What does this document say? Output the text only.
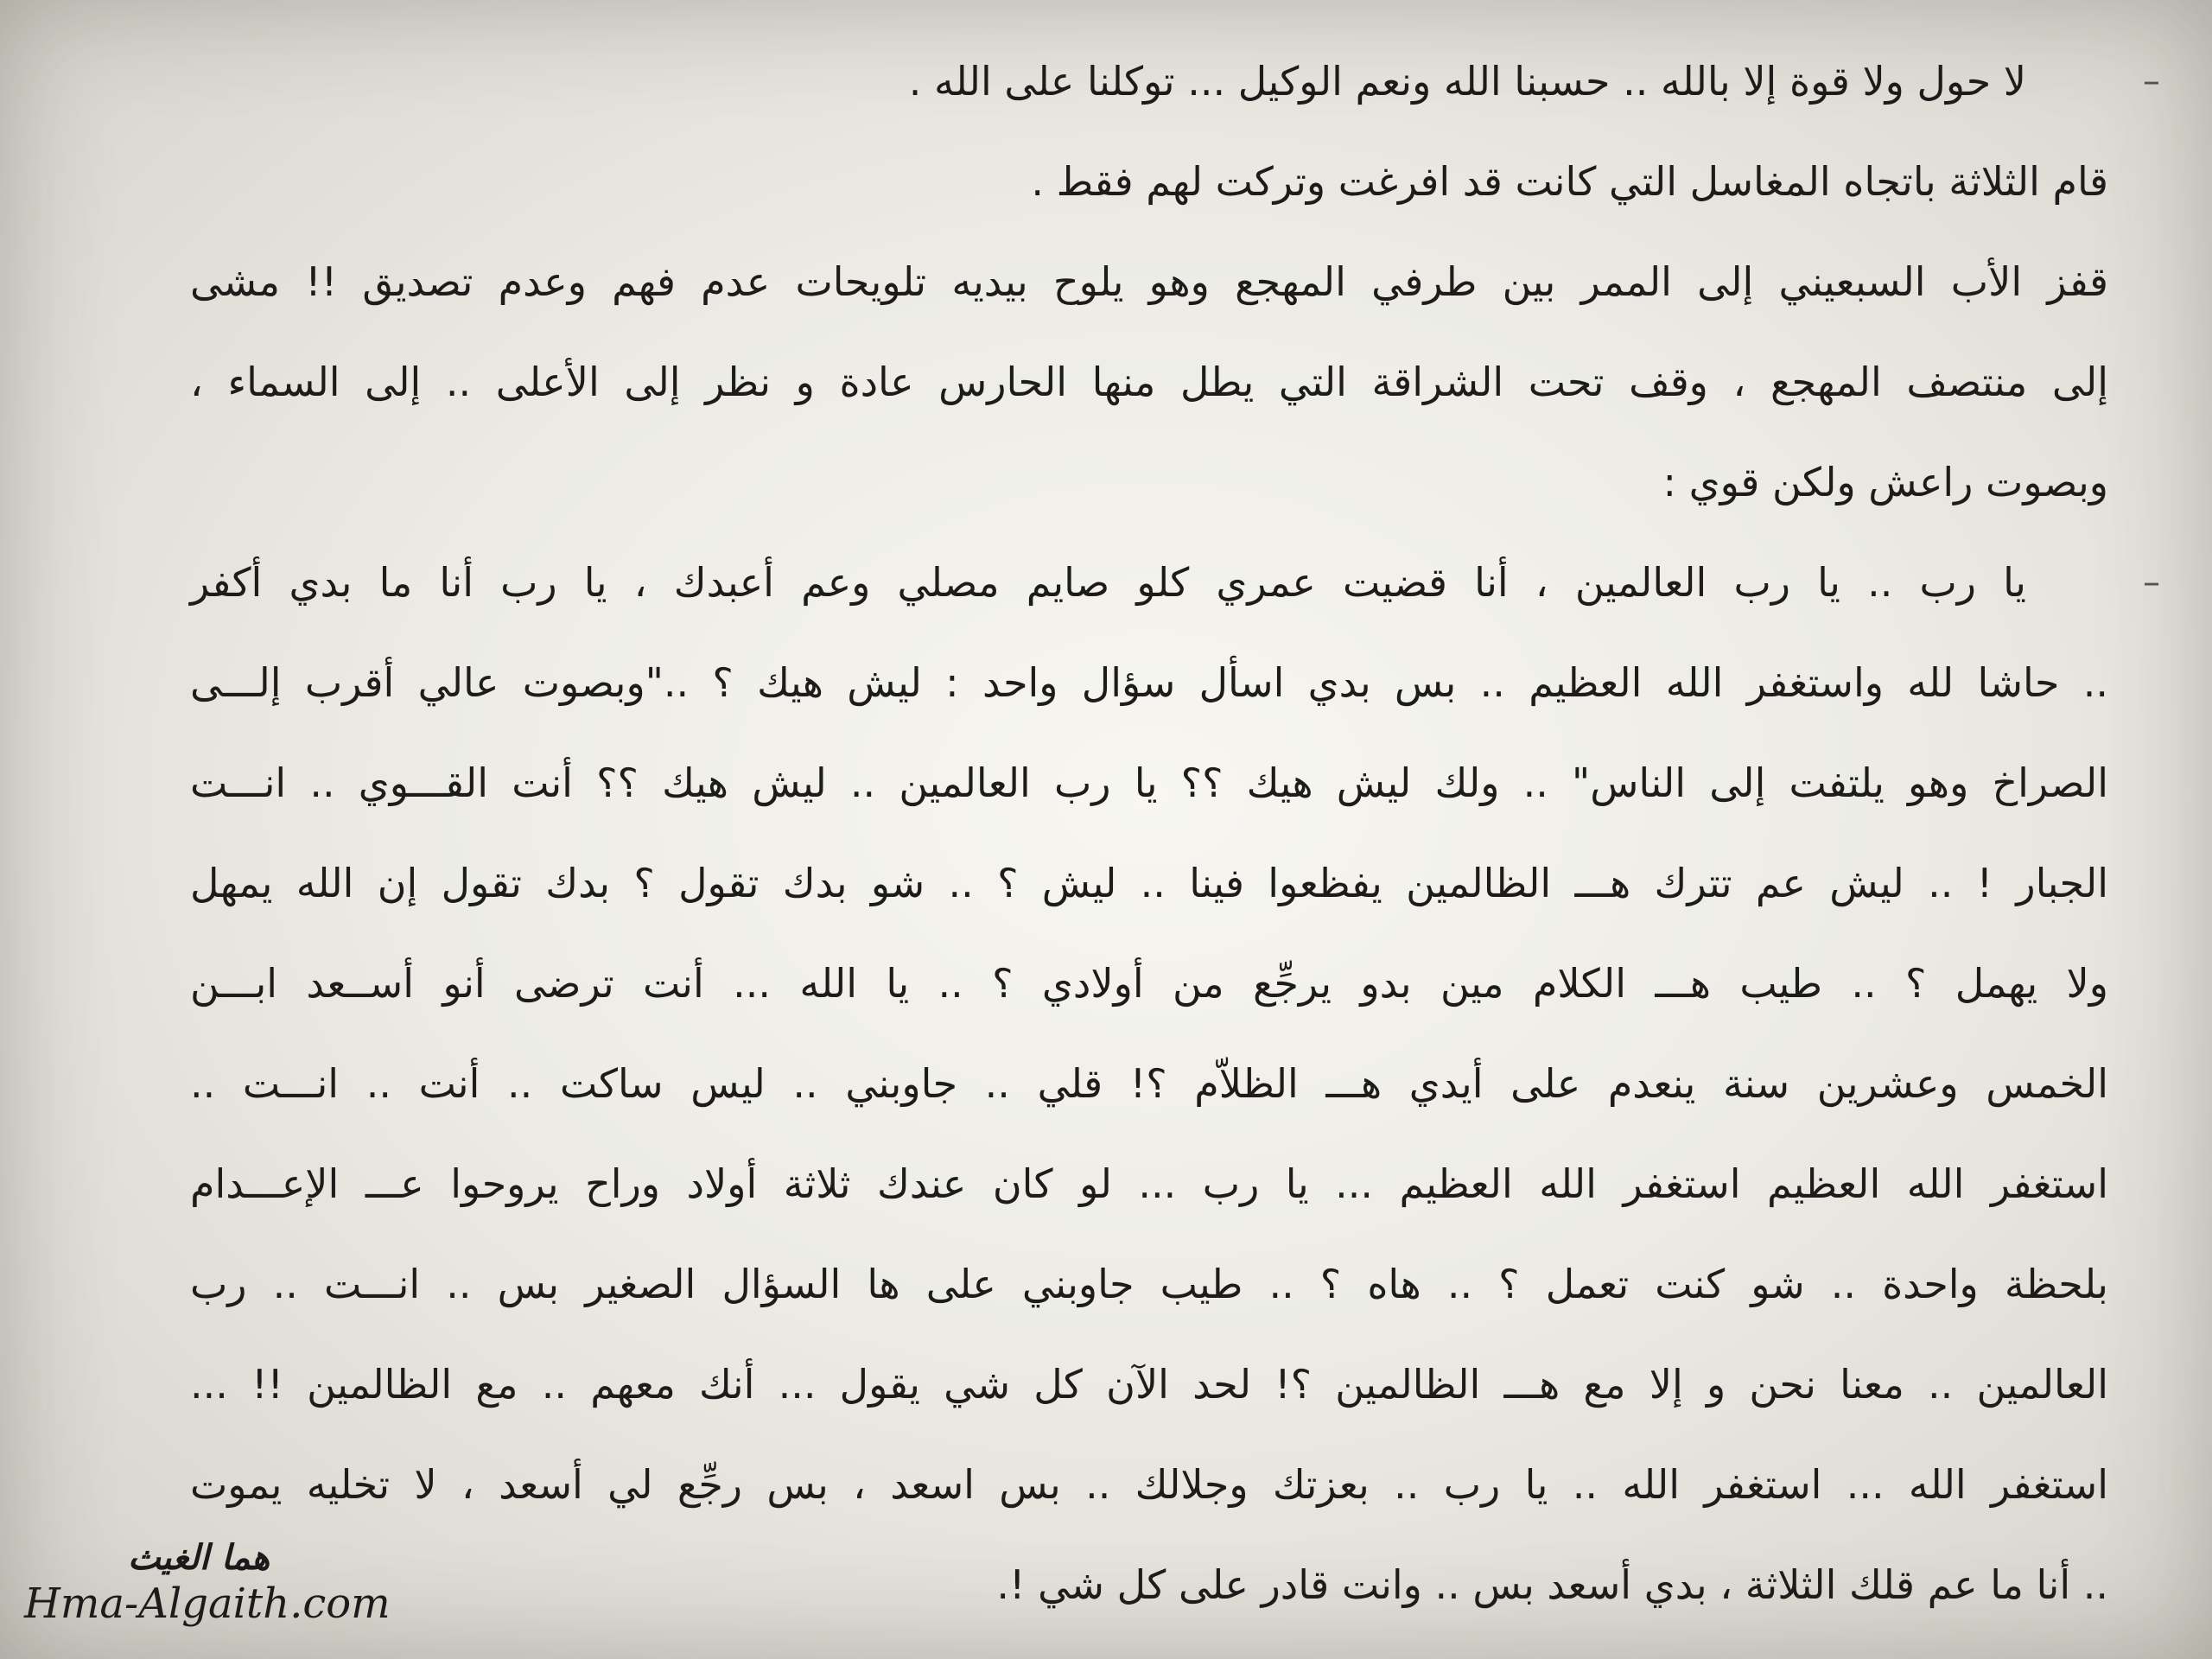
–
لا حول ولا قوة إلا بالله .. حسبنا الله ونعم الوكيل ... توكلنا على الله .
قام الثلاثة باتجاه المغاسل التي كانت قد افرغت وتركت لهم فقط .
قفز الأب السبعيني إلى الممر بين طرفي المهجع وهو يلوح بيديه تلويحات عدم فهم وعدم تصديق !! مشى
إلى منتصف المهجع ، وقف تحت الشراقة التي يطل منها الحارس عادة و نظر إلى الأعلى .. إلى السماء ،
وبصوت راعش ولكن قوي :
–
يا رب .. يا رب العالمين ، أنا قضيت عمري كلو صايم مصلي وعم أعبدك ، يا رب أنا ما بدي أكفر
.. حاشا لله واستغفر الله العظيم .. بس بدي اسأل سؤال واحد : ليش هيك ؟ .."وبصوت عالي أقرب إلـــى
الصراخ وهو يلتفت إلى الناس" .. ولك ليش هيك ؟؟ يا رب العالمين .. ليش هيك ؟؟ أنت القـــوي .. انـــت
الجبار ! .. ليش عم تترك هـــ الظالمين يفظعوا فينا .. ليش ؟ .. شو بدك تقول ؟ بدك تقول إن الله يمهل
ولا يهمل ؟ .. طيب هـــ الكلام مين بدو يرجِّع من أولادي ؟ .. يا الله ... أنت ترضى أنو أســعد ابـــن
الخمس وعشرين سنة ينعدم على أيدي هـــ الظلاّم ؟! قلي .. جاوبني .. ليس ساكت .. أنت .. انـــت ..
استغفر الله العظيم استغفر الله العظيم ... يا رب ... لو كان عندك ثلاثة أولاد وراح يروحوا عـــ الإعـــدام
بلحظة واحدة .. شو كنت تعمل ؟ .. هاه ؟ .. طيب جاوبني على ها السؤال الصغير بس .. انـــت .. رب
العالمين .. معنا نحن و إلا مع هـــ الظالمين ؟! لحد الآن كل شي يقول ... أنك معهم .. مع الظالمين !! ...
استغفر الله ... استغفر الله .. يا رب .. بعزتك وجلالك .. بس اسعد ، بس رجِّع لي أسعد ، لا تخليه يموت
.. أنا ما عم قلك الثلاثة ، بدي أسعد بس .. وانت قادر على كل شي !.
هما الغيث
Hma-Algaith.com
